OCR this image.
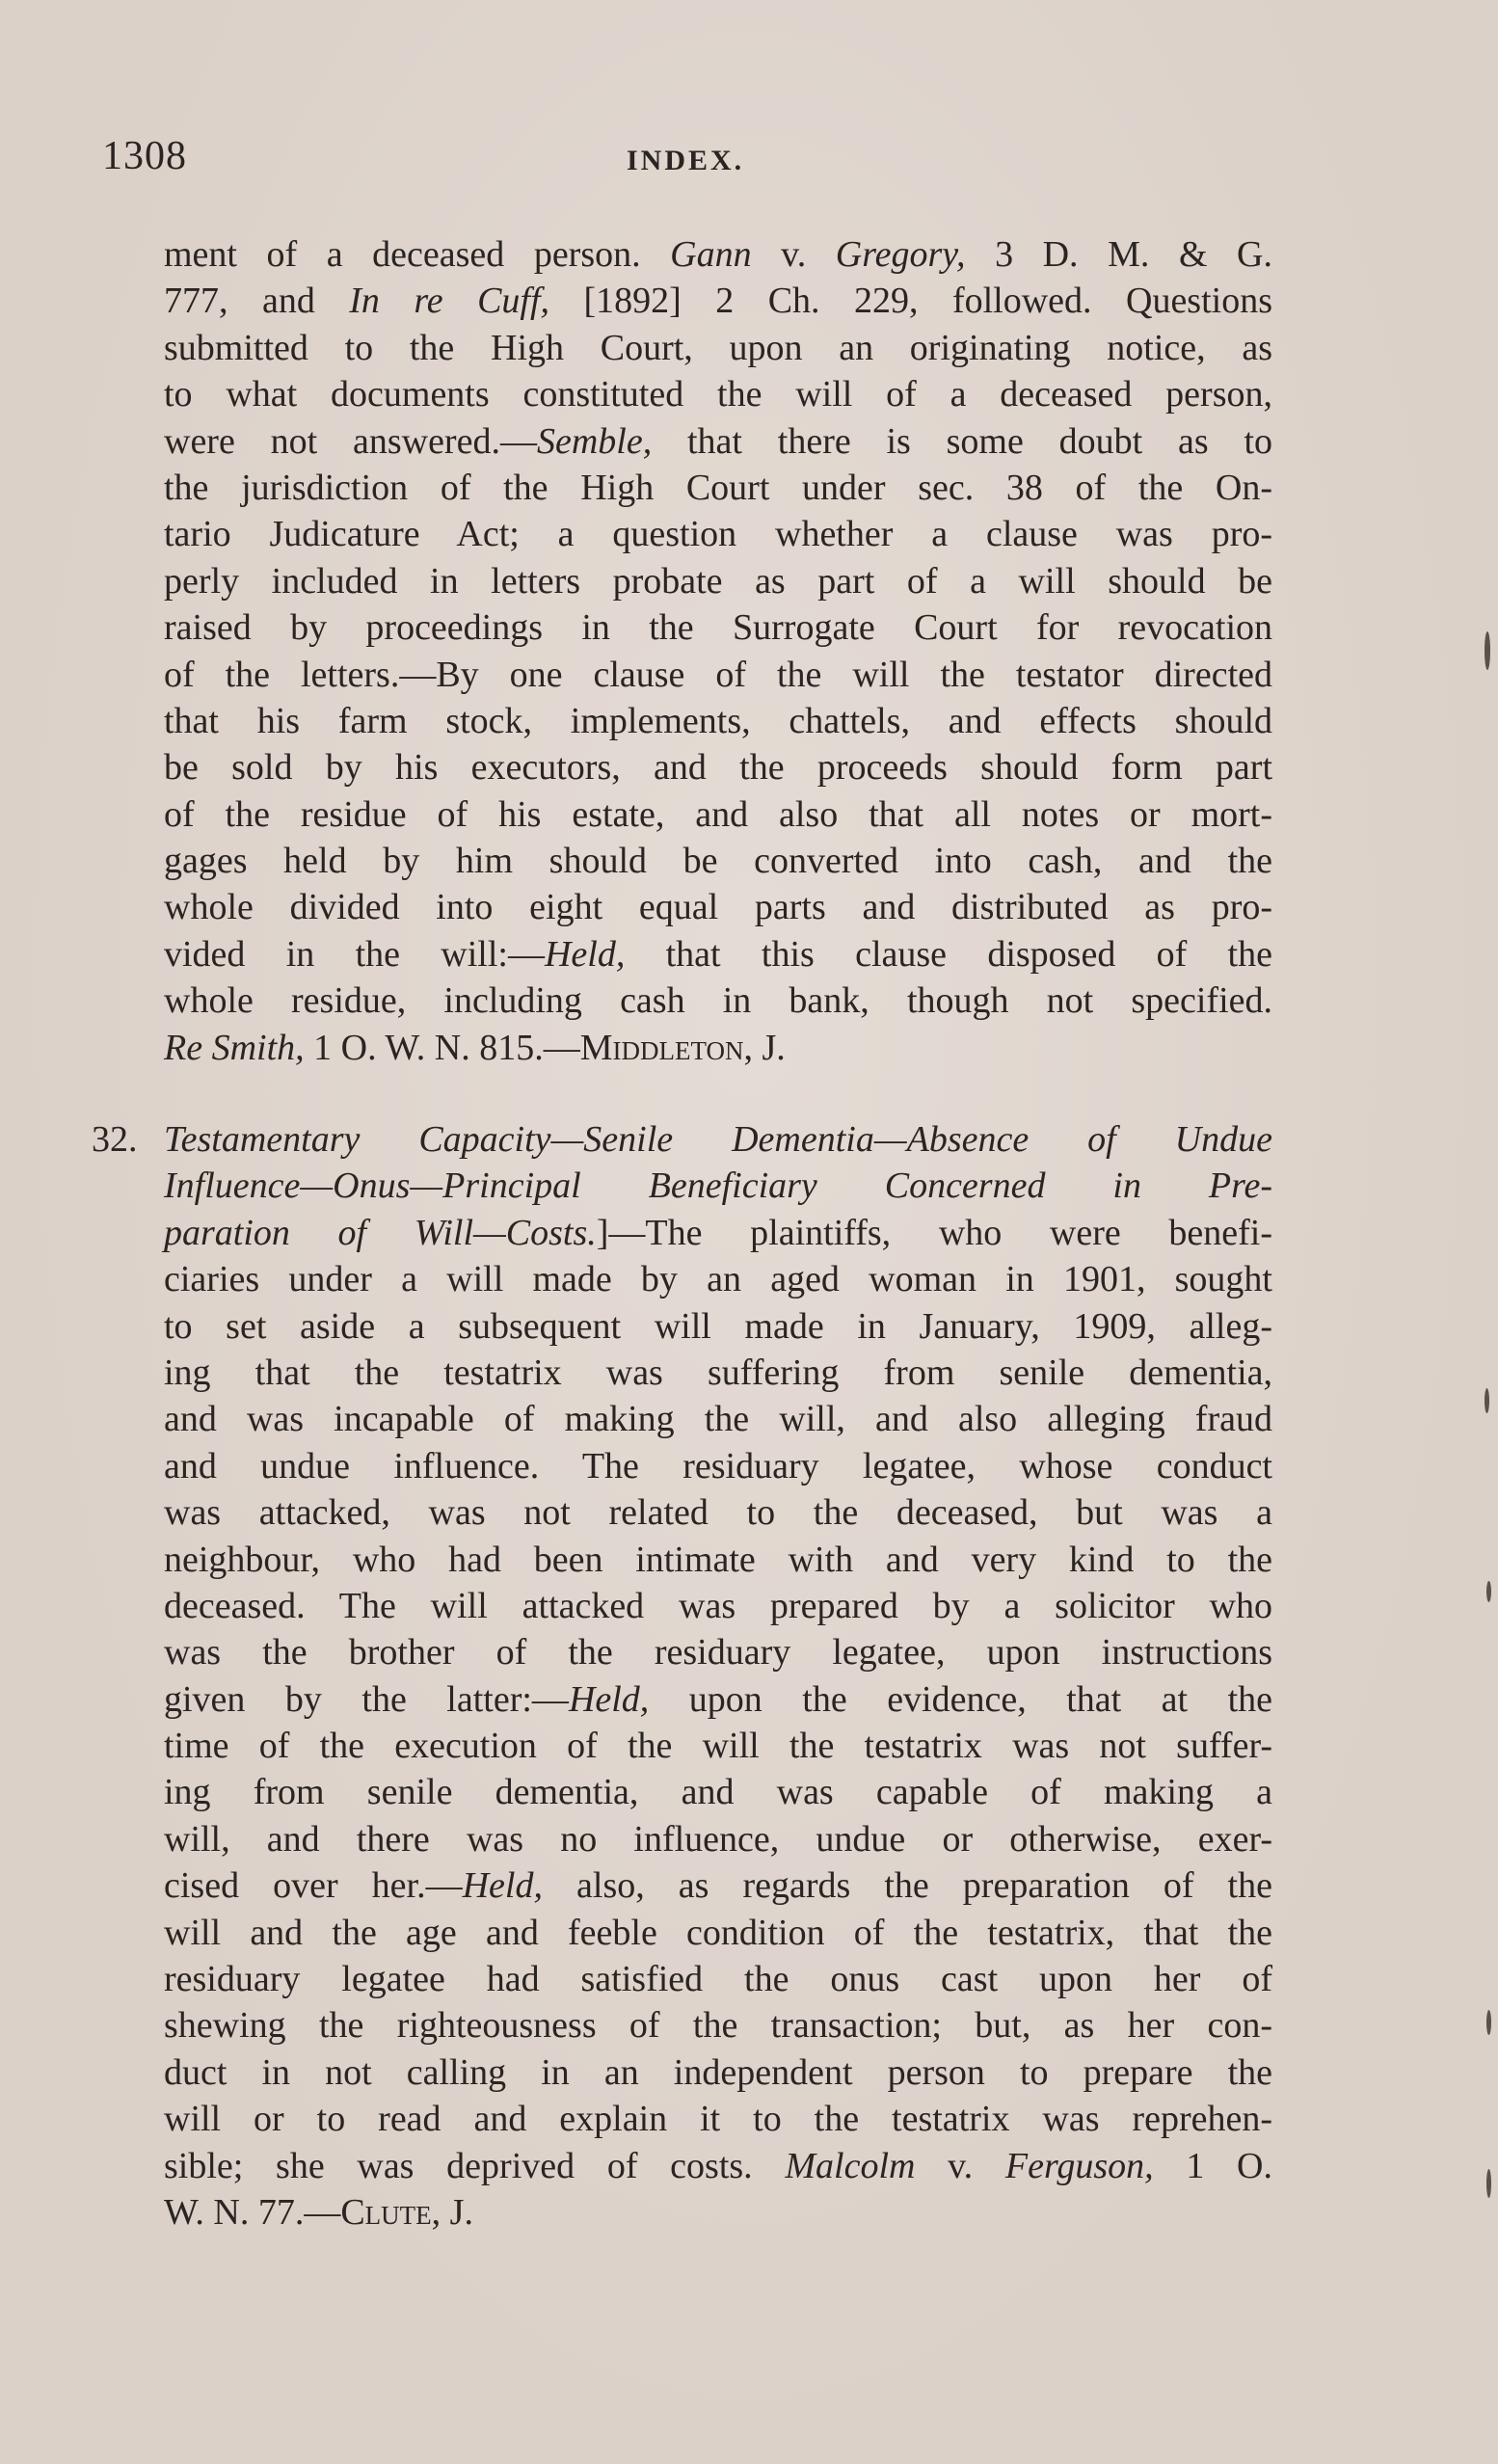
1308	INDEX.
ment of a deceased person. Gann v. Gregory, 3 D. M. & G.
777, and In re Cuff, [1892] 2 Ch. 229, followed. Questions
submitted to the High Court, upon an originating notice, as
to what documents constituted the will of a deceased person,
were not answered.—Semble, that there is some doubt as to
the jurisdiction of the High Court under sec. 38 of the On-
tario Judicature Act; a question whether a clause was pro-
perly included in letters probate as part of a will should be
raised by proceedings in the Surrogate Court for revocation
of the letters.—By one clause of the will the testator directed
that his farm stock, implements, chattels, and effects should
be sold by his executors, and the proceeds should form part
of the residue of his estate, and also that all notes or mort-
gages held by him should be converted into cash, and the
whole divided into eight equal parts and distributed as pro-
vided in the will:—Held, that this clause disposed of the
whole residue, including cash in bank, though not specified.
Re Smith, 1 O. W. N. 815.—Middleton, J.
32. Testamentary Capacity—Senile Dementia—Absence of Undue
Influence—Onus—Principal Beneficiary Concerned in Pre-
paration of Will—Costs.]—The plaintiffs, who were benefi-
ciaries under a will made by an aged woman in 1901, sought
to set aside a subsequent will made in January, 1909, alleg-
ing that the testatrix was suffering from senile dementia,
and was incapable of making the will, and also alleging fraud
and undue influence. The residuary legatee, whose conduct
was attacked, was not related to the deceased, but was a
neighbour, who had been intimate with and very kind to the
deceased. The will attacked was prepared by a solicitor who
was the brother of the residuary legatee, upon instructions
given by the latter:—Held, upon the evidence, that at the
time of the execution of the will the testatrix was not suffer-
ing from senile dementia, and was capable of making a
will, and there was no influence, undue or otherwise, exer-
cised over her.—Held, also, as regards the preparation of the
will and the age and feeble condition of the testatrix, that the
residuary legatee had satisfied the onus cast upon her of
shewing the righteousness of the transaction; but, as her con-
duct in not calling in an independent person to prepare the
will or to read and explain it to the testatrix was reprehen-
sible; she was deprived of costs. Malcolm v. Ferguson, 1 O.
W. N. 77.—Clute, J.
